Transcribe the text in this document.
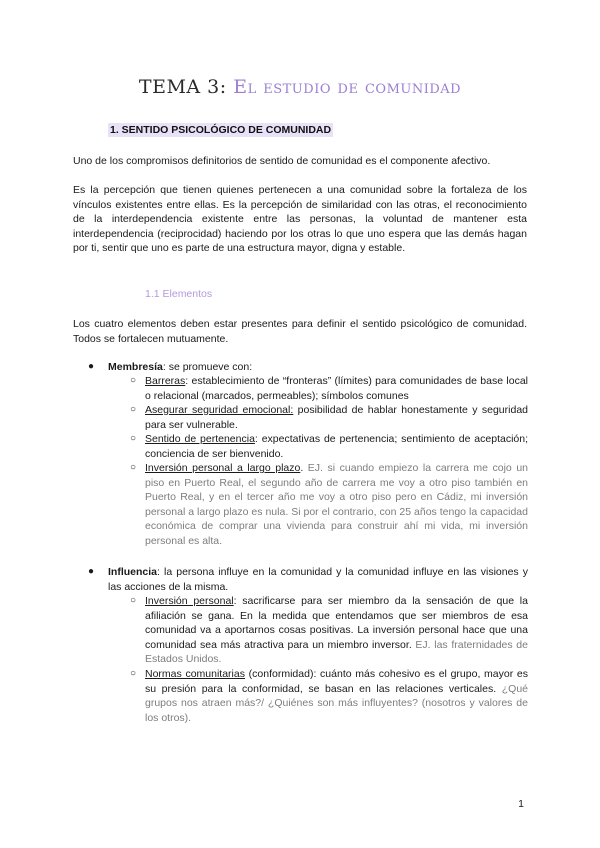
TEMA 3: El estudio de comunidad
1. SENTIDO PSICOLÓGICO DE COMUNIDAD
Uno de los compromisos definitorios de sentido de comunidad es el componente afectivo.
Es la percepción que tienen quienes pertenecen a una comunidad sobre la fortaleza de los vínculos existentes entre ellas. Es la percepción de similaridad con las otras, el reconocimiento de la interdependencia existente entre las personas, la voluntad de mantener esta interdependencia (reciprocidad) haciendo por los otras lo que uno espera que las demás hagan por ti, sentir que uno es parte de una estructura mayor, digna y estable.
1.1 Elementos
Los cuatro elementos deben estar presentes para definir el sentido psicológico de comunidad. Todos se fortalecen mutuamente.
● Membresía: se promueve con:
○ Barreras: establecimiento de “fronteras” (límites) para comunidades de base local o relacional (marcados, permeables); símbolos comunes
○ Asegurar seguridad emocional: posibilidad de hablar honestamente y seguridad para ser vulnerable.
○ Sentido de pertenencia: expectativas de pertenencia; sentimiento de aceptación; conciencia de ser bienvenido.
○ Inversión personal a largo plazo. EJ. si cuando empiezo la carrera me cojo un piso en Puerto Real, el segundo año de carrera me voy a otro piso también en Puerto Real, y en el tercer año me voy a otro piso pero en Cádiz, mi inversión personal a largo plazo es nula. Si por el contrario, con 25 años tengo la capacidad económica de comprar una vivienda para construir ahí mi vida, mi inversión personal es alta.
● Influencia: la persona influye en la comunidad y la comunidad influye en las visiones y las acciones de la misma.
○ Inversión personal: sacrificarse para ser miembro da la sensación de que la afiliación se gana. En la medida que entendamos que ser miembros de esa comunidad va a aportarnos cosas positivas. La inversión personal hace que una comunidad sea más atractiva para un miembro inversor. EJ. las fraternidades de Estados Unidos.
○ Normas comunitarias (conformidad): cuánto más cohesivo es el grupo, mayor es su presión para la conformidad, se basan en las relaciones verticales. ¿Qué grupos nos atraen más?/ ¿Quiénes son más influyentes? (nosotros y valores de los otros).
1
